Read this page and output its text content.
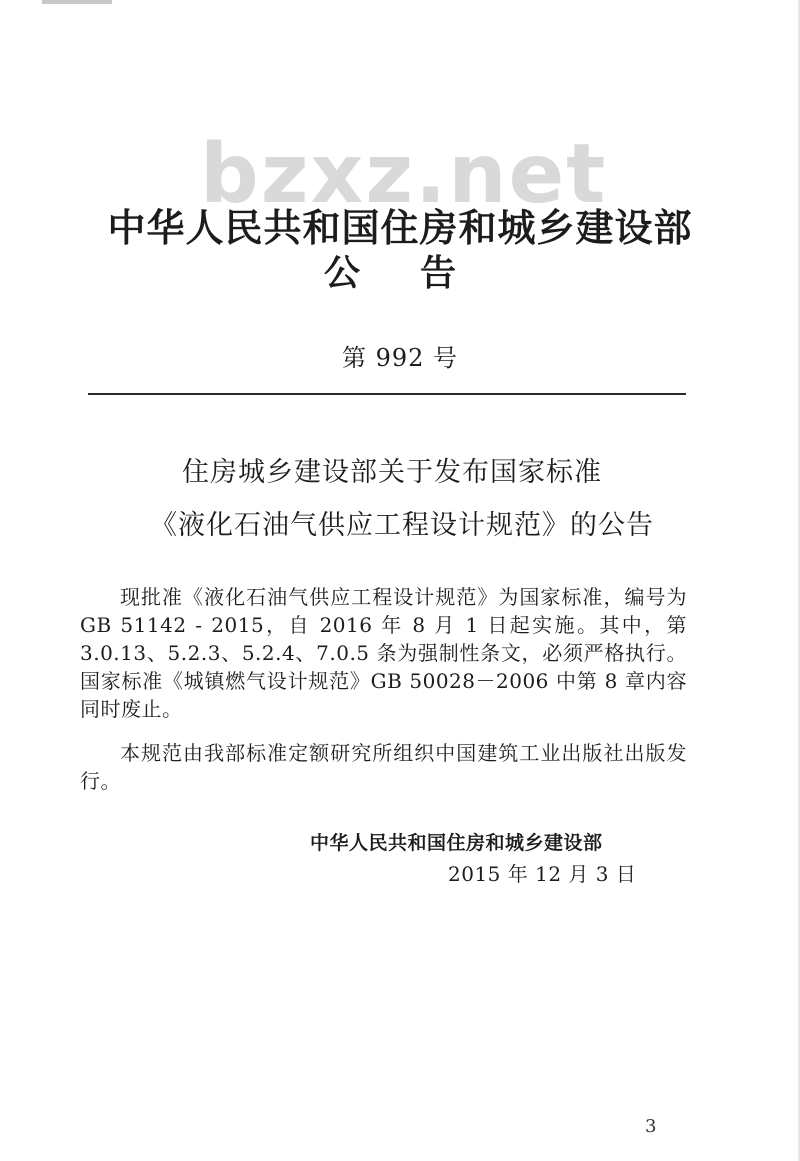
bzxz.net
中华人民共和国住房和城乡建设部
公告
第 992 号
住房城乡建设部关于发布国家标准
《液化石油气供应工程设计规范》的公告
现批准《液化石油气供应工程设计规范》为国家标准，编号为 GB 51142 - 2015，自 2016 年 8 月 1 日起实施。其中，第 3.0.13、5.2.3、5.2.4、7.0.5 条为强制性条文，必须严格执行。国家标准《城镇燃气设计规范》GB 50028－2006 中第 8 章内容同时废止。
本规范由我部标准定额研究所组织中国建筑工业出版社出版发行。
中华人民共和国住房和城乡建设部
2015 年 12 月 3 日
3
